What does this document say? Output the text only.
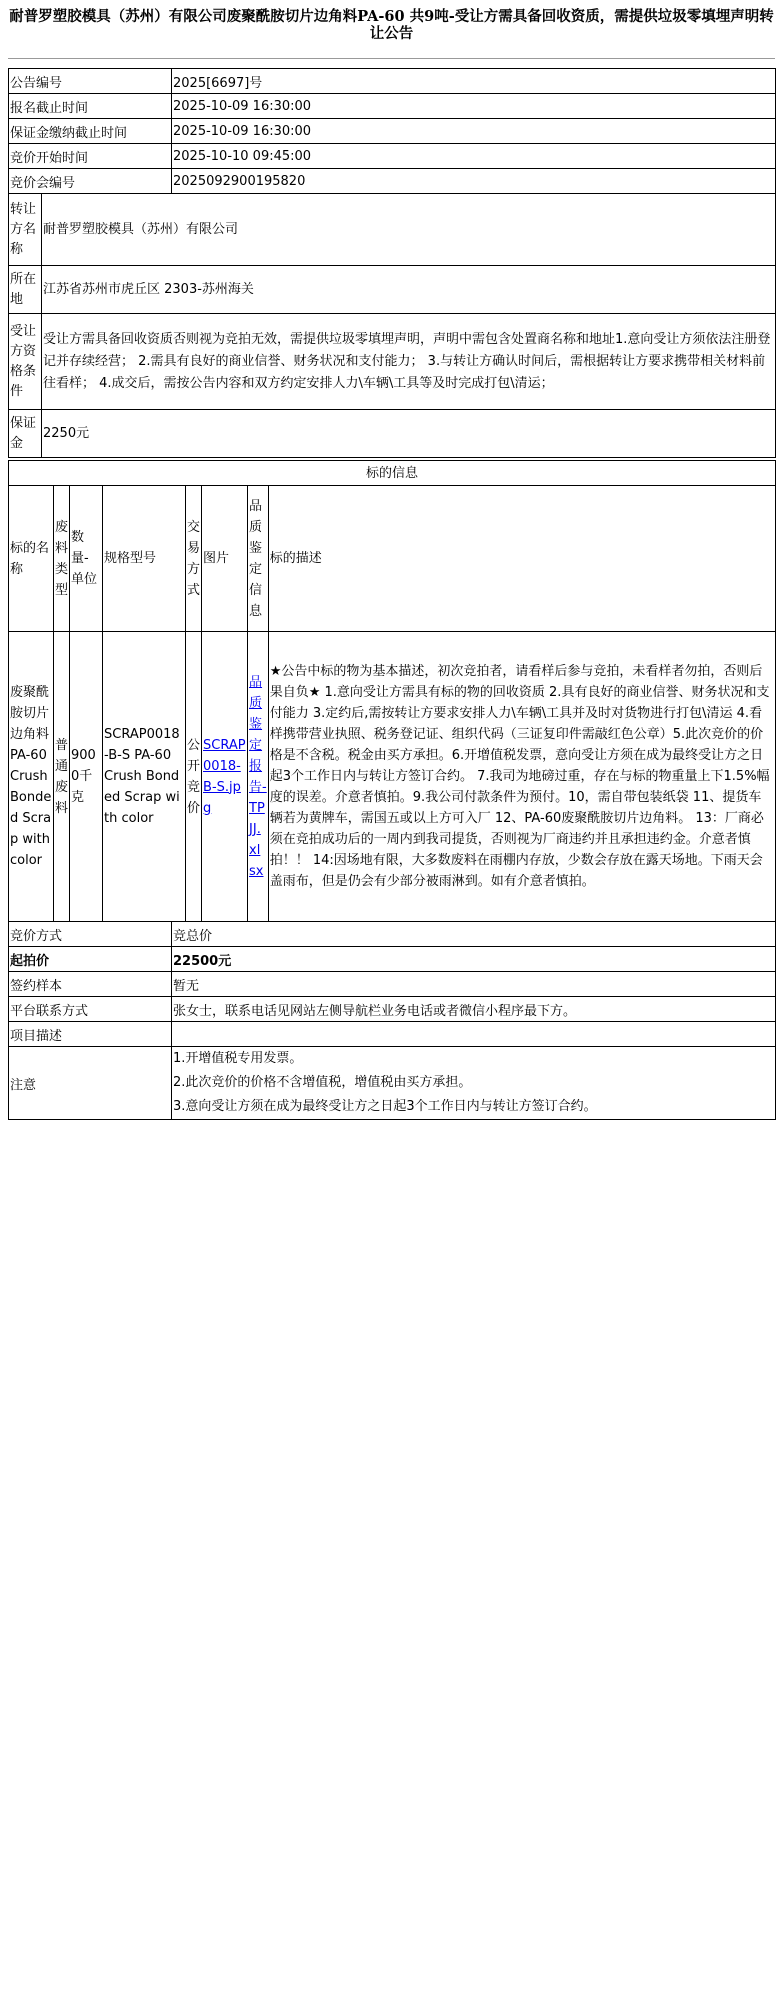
耐普罗塑胶模具（苏州）有限公司废聚酰胺切片边角料PA-60 共9吨-受让方需具备回收资质，需提供垃圾零填埋声明转让公告
公告编号	2025[6697]号
报名截止时间	2025-10-09 16:30:00
保证金缴纳截止时间	2025-10-09 16:30:00
竞价开始时间	2025-10-10 09:45:00
竞价会编号	2025092900195820
转让方名称	耐普罗塑胶模具（苏州）有限公司
所在地	江苏省苏州市虎丘区 2303-苏州海关
受让方资格条件	受让方需具备回收资质否则视为竞拍无效，需提供垃圾零填埋声明，声明中需包含处置商名称和地址1.意向受让方须依法注册登记并存续经营； 2.需具有良好的商业信誉、财务状况和支付能力； 3.与转让方确认时间后，需根据转让方要求携带相关材料前往看样； 4.成交后，需按公告内容和双方约定安排人力\车辆\工具等及时完成打包\清运；
保证金	2250元
标的信息							
标的名称	废料类型	数量-单位	规格型号	交易方式	图片	品质鉴定信息	标的描述
废聚酰胺切片边角料PA-60 Crush Bonded Scrap with color	普通废料	9000千克	SCRAP0018-B-S PA-60 Crush Bonded Scrap with color	公开竞价	SCRAP0018-B-S.jpg	品质鉴定报告-TPJJ.xlsx	★公告中标的物为基本描述，初次竞拍者，请看样后参与竞拍，未看样者勿拍，否则后果自负★ 1.意向受让方需具有标的物的回收资质 2.具有良好的商业信誉、财务状况和支付能力 3.定约后,需按转让方要求安排人力\车辆\工具并及时对货物进行打包\清运 4.看样携带营业执照、税务登记证、组织代码（三证复印件需敲红色公章）5.此次竞价的价格是不含税。税金由买方承担。6.开增值税发票，意向受让方须在成为最终受让方之日起3个工作日内与转让方签订合约。 7.我司为地磅过重，存在与标的物重量上下1.5%幅度的误差。介意者慎拍。9.我公司付款条件为预付。10，需自带包装纸袋 11、提货车辆若为黄牌车，需国五或以上方可入厂 12、PA-60废聚酰胺切片边角料。 13：厂商必须在竞拍成功后的一周内到我司提货，否则视为厂商违约并且承担违约金。介意者慎拍！！ 14:因场地有限，大多数废料在雨棚内存放，少数会存放在露天场地。下雨天会盖雨布，但是仍会有少部分被雨淋到。如有介意者慎拍。
竞价方式	竞总价
起拍价	22500元
签约样本	暂无
平台联系方式	张女士，联系电话见网站左侧导航栏业务电话或者微信小程序最下方。
项目描述	
注意	1.开增值税专用发票。
2.此次竞价的价格不含增值税，增值税由买方承担。
3.意向受让方须在成为最终受让方之日起3个工作日内与转让方签订合约。
